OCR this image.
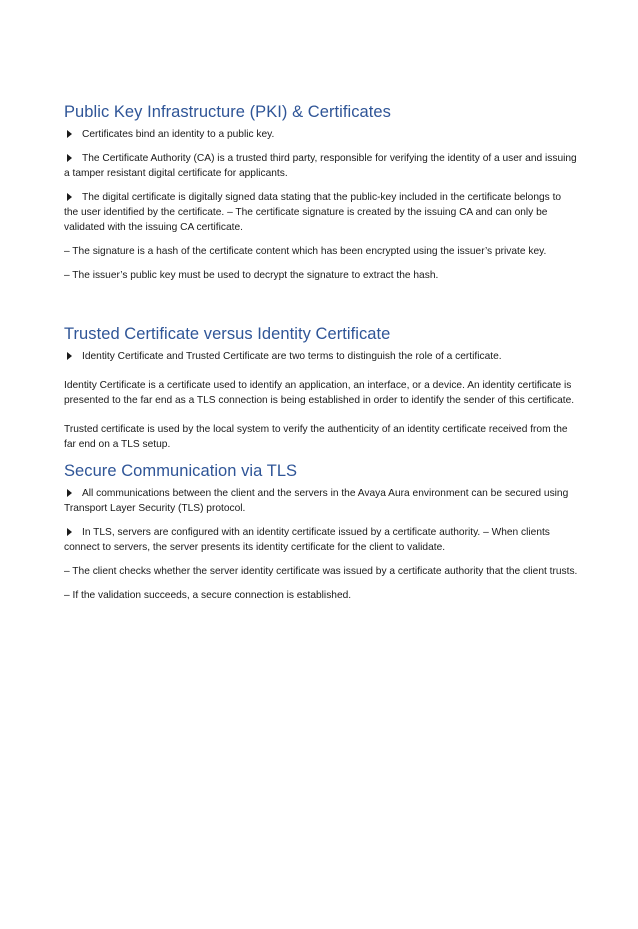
Public Key Infrastructure (PKI) & Certificates

Certificates bind an identity to a public key.

The Certificate Authority (CA) is a trusted third party, responsible for verifying the identity of a user and issuing a tamper resistant digital certificate for applicants.

The digital certificate is digitally signed data stating that the public-key included in the certificate belongs to the user identified by the certificate. – The certificate signature is created by the issuing CA and can only be validated with the issuing CA certificate.

– The signature is a hash of the certificate content which has been encrypted using the issuer’s private key.

– The issuer’s public key must be used to decrypt the signature to extract the hash.

Trusted Certificate versus Identity Certificate

Identity Certificate and Trusted Certificate are two terms to distinguish the role of a certificate.

Identity Certificate is a certificate used to identify an application, an interface, or a device. An identity certificate is presented to the far end as a TLS connection is being established in order to identify the sender of this certificate.

Trusted certificate is used by the local system to verify the authenticity of an identity certificate received from the far end on a TLS setup.

Secure Communication via TLS

All communications between the client and the servers in the Avaya Aura environment can be secured using Transport Layer Security (TLS) protocol.

In TLS, servers are configured with an identity certificate issued by a certificate authority. – When clients connect to servers, the server presents its identity certificate for the client to validate.

– The client checks whether the server identity certificate was issued by a certificate authority that the client trusts.

– If the validation succeeds, a secure connection is established.
